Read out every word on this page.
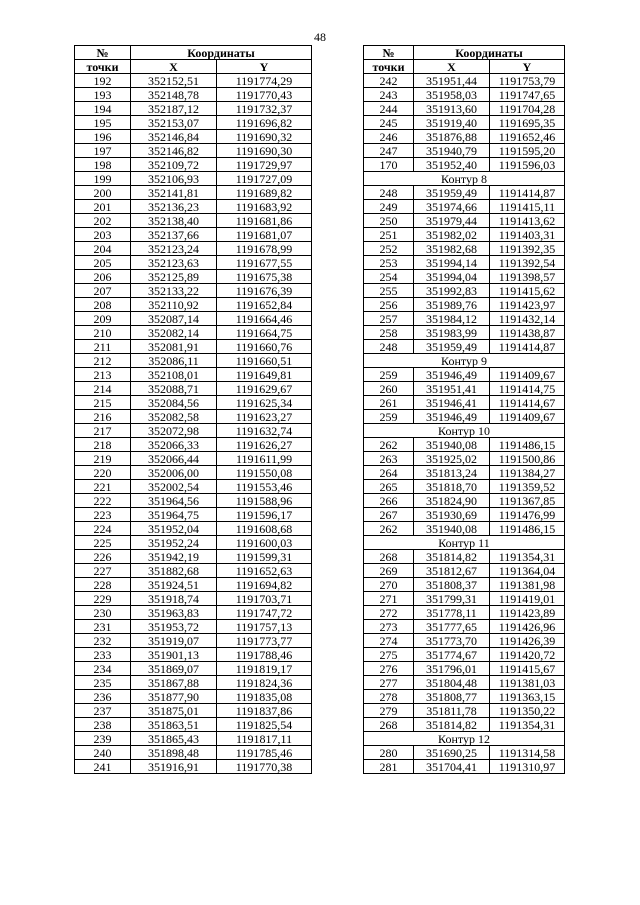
48
№	Координаты	
точки	X	Y
192	352152,51	1191774,29
193	352148,78	1191770,43
194	352187,12	1191732,37
195	352153,07	1191696,82
196	352146,84	1191690,32
197	352146,82	1191690,30
198	352109,72	1191729,97
199	352106,93	1191727,09
200	352141,81	1191689,82
201	352136,23	1191683,92
202	352138,40	1191681,86
203	352137,66	1191681,07
204	352123,24	1191678,99
205	352123,63	1191677,55
206	352125,89	1191675,38
207	352133,22	1191676,39
208	352110,92	1191652,84
209	352087,14	1191664,46
210	352082,14	1191664,75
211	352081,91	1191660,76
212	352086,11	1191660,51
213	352108,01	1191649,81
214	352088,71	1191629,67
215	352084,56	1191625,34
216	352082,58	1191623,27
217	352072,98	1191632,74
218	352066,33	1191626,27
219	352066,44	1191611,99
220	352006,00	1191550,08
221	352002,54	1191553,46
222	351964,56	1191588,96
223	351964,75	1191596,17
224	351952,04	1191608,68
225	351952,24	1191600,03
226	351942,19	1191599,31
227	351882,68	1191652,63
228	351924,51	1191694,82
229	351918,74	1191703,71
230	351963,83	1191747,72
231	351953,72	1191757,13
232	351919,07	1191773,77
233	351901,13	1191788,46
234	351869,07	1191819,17
235	351867,88	1191824,36
236	351877,90	1191835,08
237	351875,01	1191837,86
238	351863,51	1191825,54
239	351865,43	1191817,11
240	351898,48	1191785,46
241	351916,91	1191770,38
№	Координаты	
точки	X	Y
242	351951,44	1191753,79
243	351958,03	1191747,65
244	351913,60	1191704,28
245	351919,40	1191695,35
246	351876,88	1191652,46
247	351940,79	1191595,20
170	351952,40	1191596,03
Контур 8		
248	351959,49	1191414,87
249	351974,66	1191415,11
250	351979,44	1191413,62
251	351982,02	1191403,31
252	351982,68	1191392,35
253	351994,14	1191392,54
254	351994,04	1191398,57
255	351992,83	1191415,62
256	351989,76	1191423,97
257	351984,12	1191432,14
258	351983,99	1191438,87
248	351959,49	1191414,87
Контур 9		
259	351946,49	1191409,67
260	351951,41	1191414,75
261	351946,41	1191414,67
259	351946,49	1191409,67
Контур 10		
262	351940,08	1191486,15
263	351925,02	1191500,86
264	351813,24	1191384,27
265	351818,70	1191359,52
266	351824,90	1191367,85
267	351930,69	1191476,99
262	351940,08	1191486,15
Контур 11		
268	351814,82	1191354,31
269	351812,67	1191364,04
270	351808,37	1191381,98
271	351799,31	1191419,01
272	351778,11	1191423,89
273	351777,65	1191426,96
274	351773,70	1191426,39
275	351774,67	1191420,72
276	351796,01	1191415,67
277	351804,48	1191381,03
278	351808,77	1191363,15
279	351811,78	1191350,22
268	351814,82	1191354,31
Контур 12		
280	351690,25	1191314,58
281	351704,41	1191310,97
